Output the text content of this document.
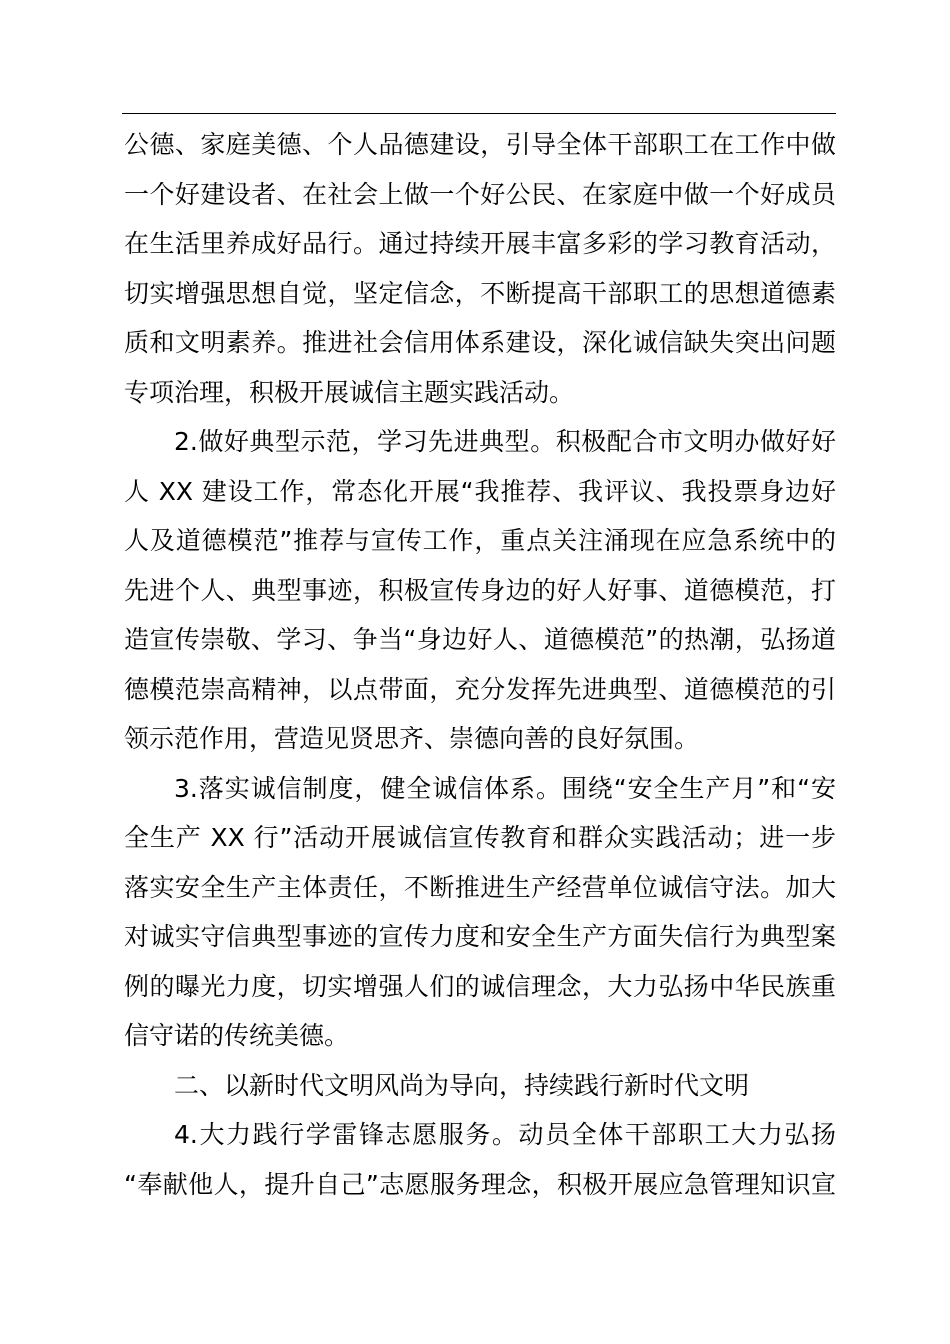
公德、家庭美德、个人品德建设，引导全体干部职工在工作中做
一个好建设者、在社会上做一个好公民、在家庭中做一个好成员
在生活里养成好品行。通过持续开展丰富多彩的学习教育活动，
切实增强思想自觉，坚定信念，不断提高干部职工的思想道德素
质和文明素养。推进社会信用体系建设，深化诚信缺失突出问题
专项治理，积极开展诚信主题实践活动。
2.做好典型示范，学习先进典型。积极配合市文明办做好好
人 XX 建设工作，常态化开展“我推荐、我评议、我投票身边好
人及道德模范”推荐与宣传工作，重点关注涌现在应急系统中的
先进个人、典型事迹，积极宣传身边的好人好事、道德模范，打
造宣传崇敬、学习、争当“身边好人、道德模范”的热潮，弘扬道
德模范崇高精神，以点带面，充分发挥先进典型、道德模范的引
领示范作用，营造见贤思齐、崇德向善的良好氛围。
3.落实诚信制度，健全诚信体系。围绕“安全生产月”和“安
全生产 XX 行”活动开展诚信宣传教育和群众实践活动；进一步
落实安全生产主体责任，不断推进生产经营单位诚信守法。加大
对诚实守信典型事迹的宣传力度和安全生产方面失信行为典型案
例的曝光力度，切实增强人们的诚信理念，大力弘扬中华民族重
信守诺的传统美德。
二、以新时代文明风尚为导向，持续践行新时代文明
4.大力践行学雷锋志愿服务。动员全体干部职工大力弘扬
“奉献他人，提升自己”志愿服务理念，积极开展应急管理知识宣
